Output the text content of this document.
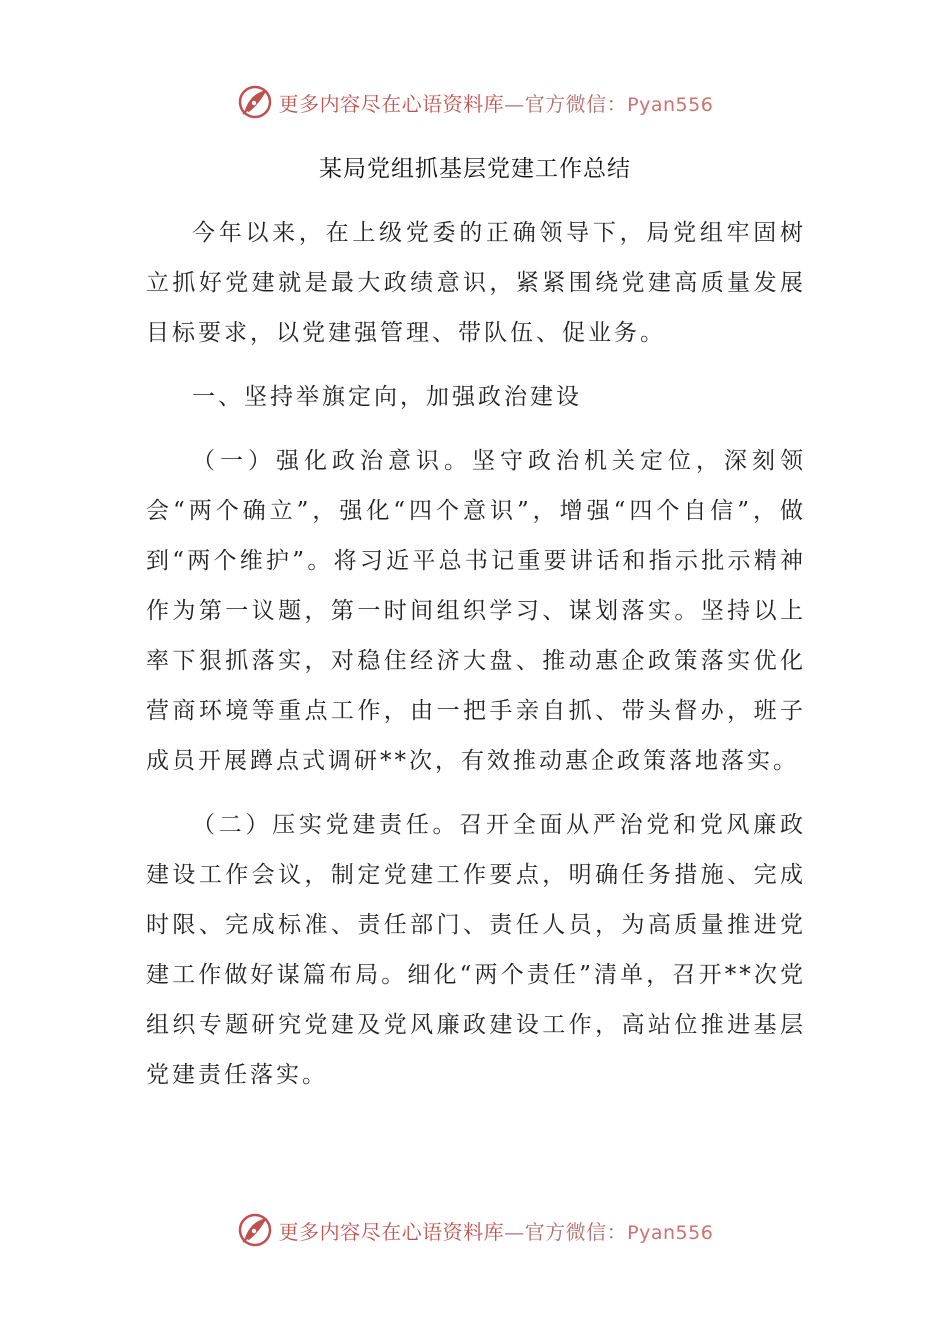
更多内容尽在心语资料库—官方微信：Pyan556
某局党组抓基层党建工作总结

今年以来，在上级党委的正确领导下，局党组牢固树立抓好党建就是最大政绩意识，紧紧围绕党建高质量发展目标要求，以党建强管理、带队伍、促业务。

一、坚持举旗定向，加强政治建设

（一）强化政治意识。坚守政治机关定位，深刻领会“两个确立”，强化“四个意识”，增强“四个自信”，做到“两个维护”。将习近平总书记重要讲话和指示批示精神作为第一议题，第一时间组织学习、谋划落实。坚持以上率下狠抓落实，对稳住经济大盘、推动惠企政策落实优化营商环境等重点工作，由一把手亲自抓、带头督办，班子成员开展蹲点式调研**次，有效推动惠企政策落地落实。

（二）压实党建责任。召开全面从严治党和党风廉政建设工作会议，制定党建工作要点，明确任务措施、完成时限、完成标准、责任部门、责任人员，为高质量推进党建工作做好谋篇布局。细化“两个责任”清单，召开**次党组织专题研究党建及党风廉政建设工作，高站位推进基层党建责任落实。

更多内容尽在心语资料库—官方微信：Pyan556
